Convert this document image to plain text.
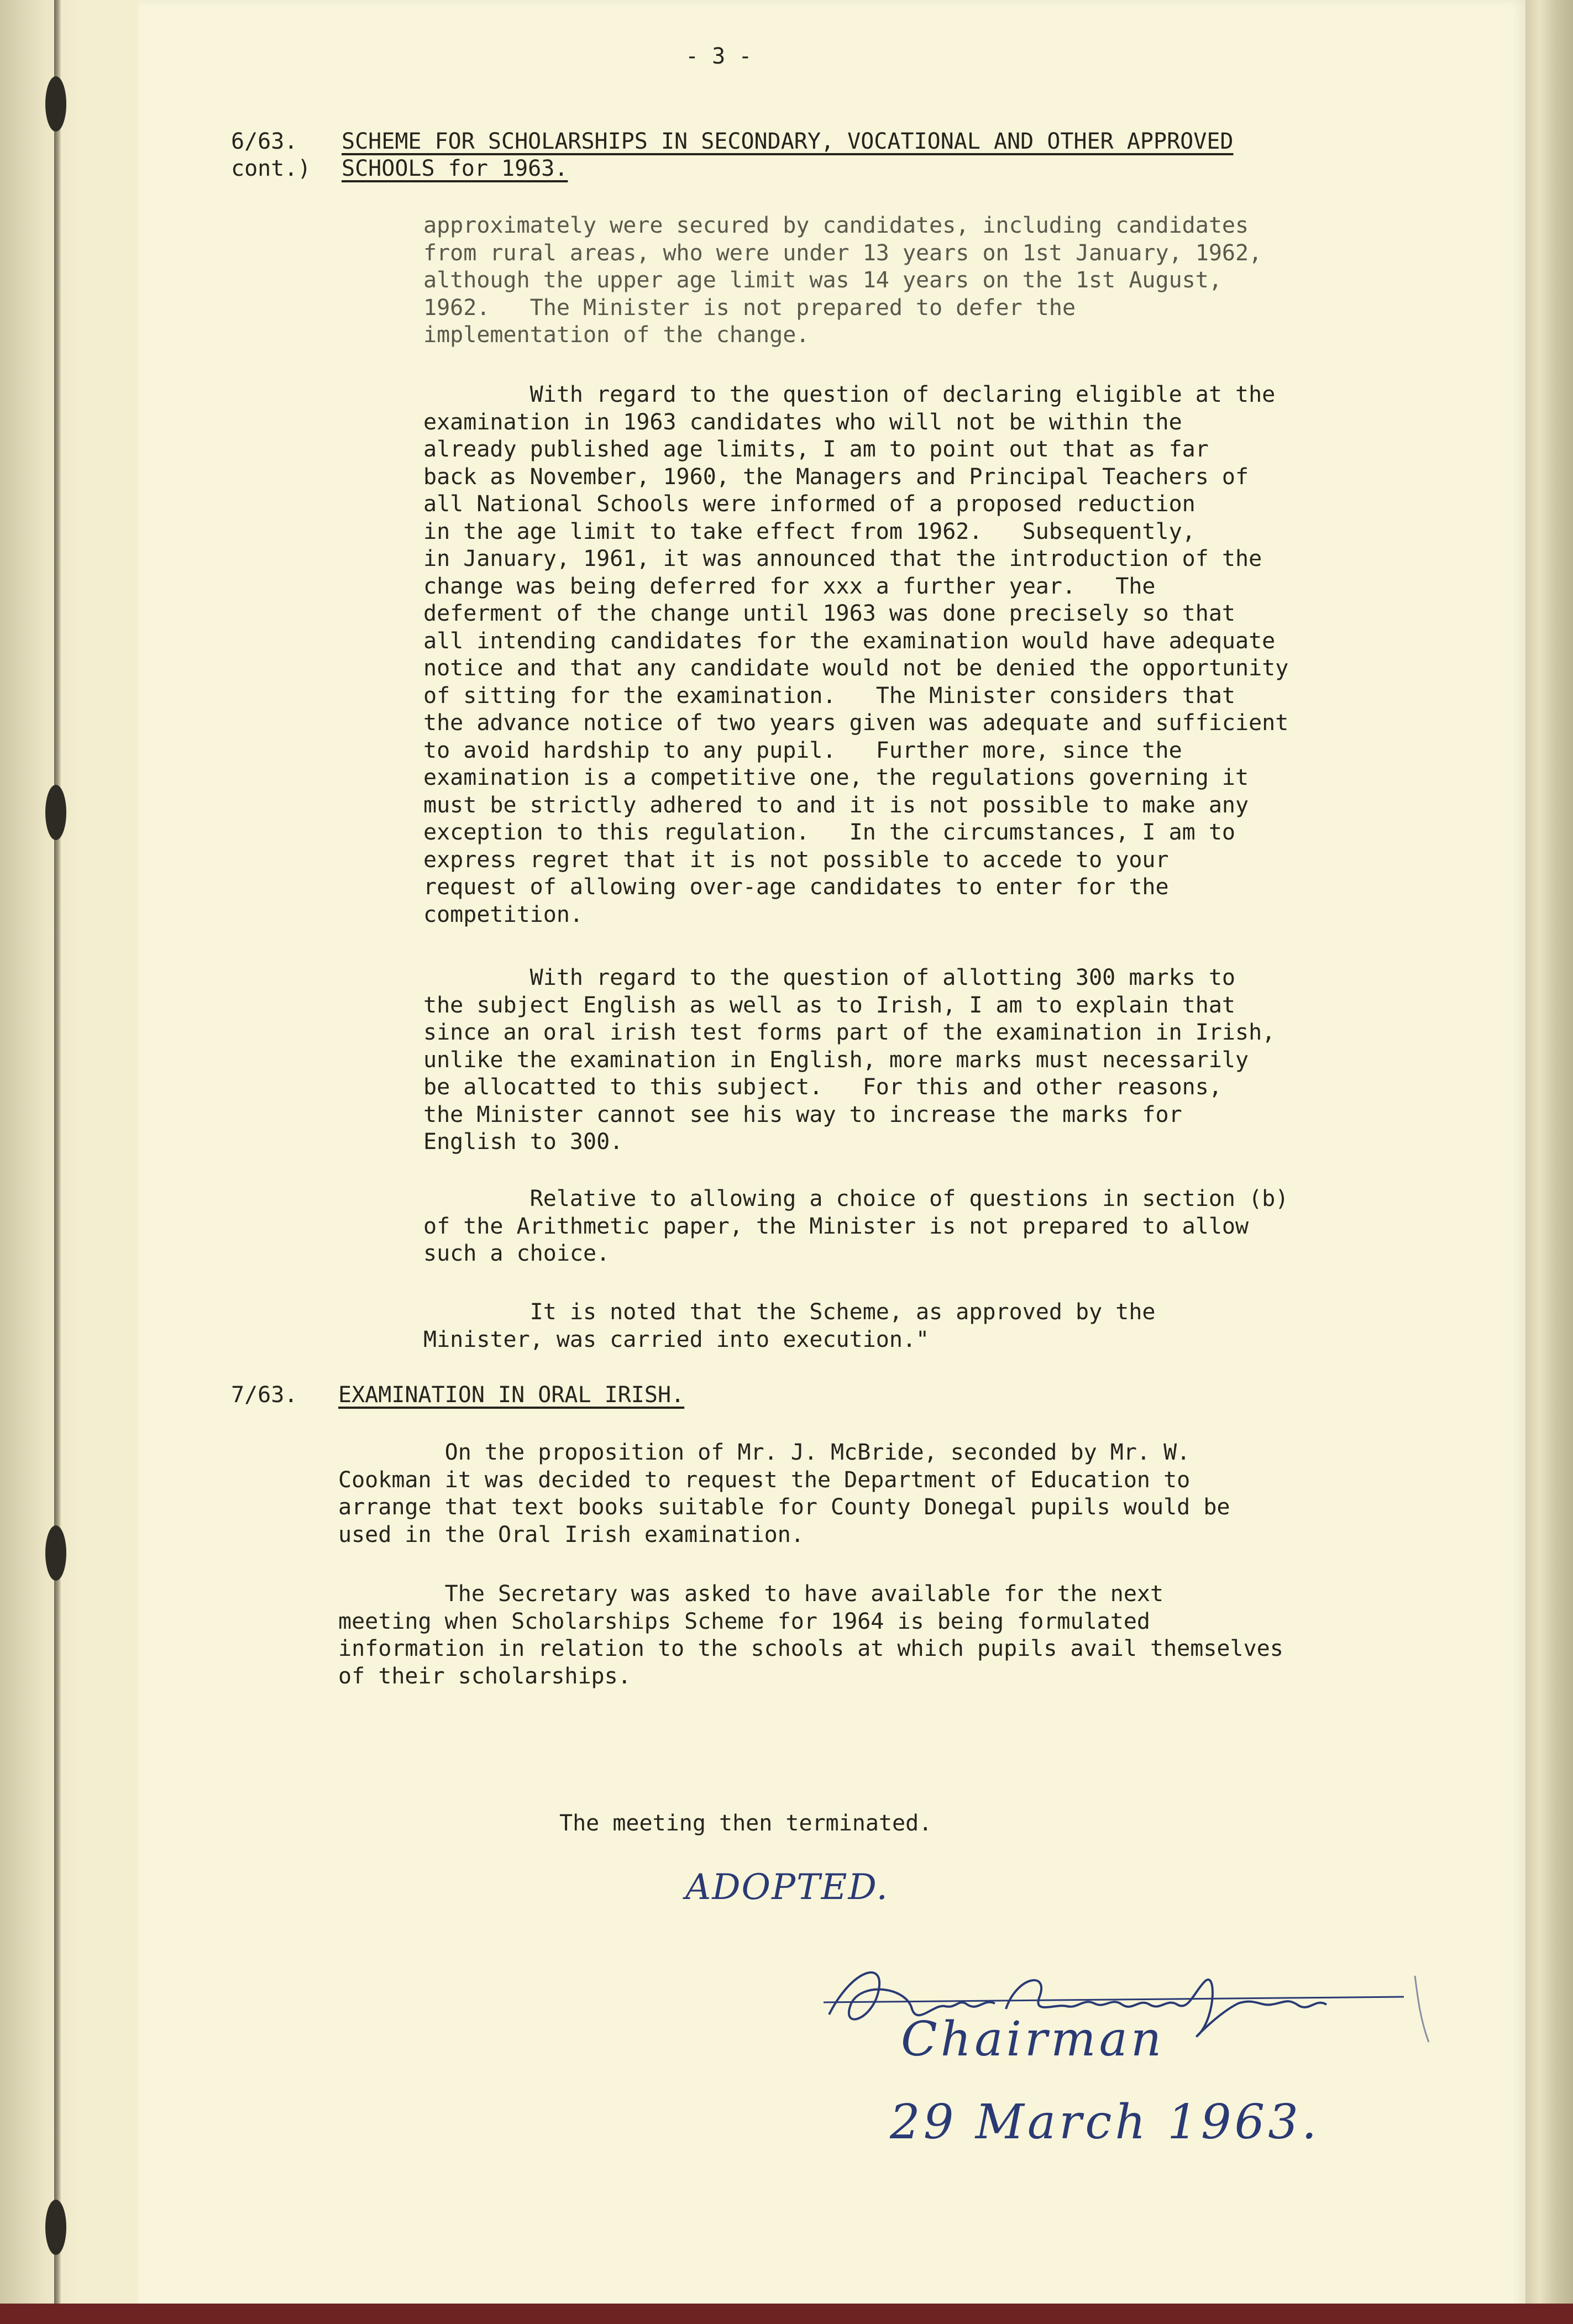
- 3 -

6/63.

cont.)

SCHEME FOR SCHOLARSHIPS IN SECONDARY, VOCATIONAL AND OTHER APPROVED

SCHOOLS for 1963.

approximately were secured by candidates, including candidates
from rural areas, who were under 13 years on 1st January, 1962,
although the upper age limit was 14 years on the 1st August,
1962.   The Minister is not prepared to defer the
implementation of the change.

With regard to the question of declaring eligible at the
examination in 1963 candidates who will not be within the
already published age limits, I am to point out that as far
back as November, 1960, the Managers and Principal Teachers of
all National Schools were informed of a proposed reduction
in the age limit to take effect from 1962.   Subsequently,
in January, 1961, it was announced that the introduction of the
change was being deferred for xxx a further year.   The
deferment of the change until 1963 was done precisely so that
all intending candidates for the examination would have adequate
notice and that any candidate would not be denied the opportunity
of sitting for the examination.   The Minister considers that
the advance notice of two years given was adequate and sufficient
to avoid hardship to any pupil.   Further more, since the
examination is a competitive one, the regulations governing it
must be strictly adhered to and it is not possible to make any
exception to this regulation.   In the circumstances, I am to
express regret that it is not possible to accede to your
request of allowing over-age candidates to enter for the
competition.

With regard to the question of allotting 300 marks to
the subject English as well as to Irish, I am to explain that
since an oral irish test forms part of the examination in Irish,
unlike the examination in English, more marks must necessarily
be allocatted to this subject.   For this and other reasons,
the Minister cannot see his way to increase the marks for
English to 300.

Relative to allowing a choice of questions in section (b)
of the Arithmetic paper, the Minister is not prepared to allow
such a choice.

It is noted that the Scheme, as approved by the
Minister, was carried into execution."

7/63.

EXAMINATION IN ORAL IRISH.

On the proposition of Mr. J. McBride, seconded by Mr. W.
Cookman it was decided to request the Department of Education to
arrange that text books suitable for County Donegal pupils would be
used in the Oral Irish examination.

The Secretary was asked to have available for the next
meeting when Scholarships Scheme for 1964 is being formulated
information in relation to the schools at which pupils avail themselves
of their scholarships.

The meeting then terminated.

ADOPTED.
Chairman
29 March 1963.
